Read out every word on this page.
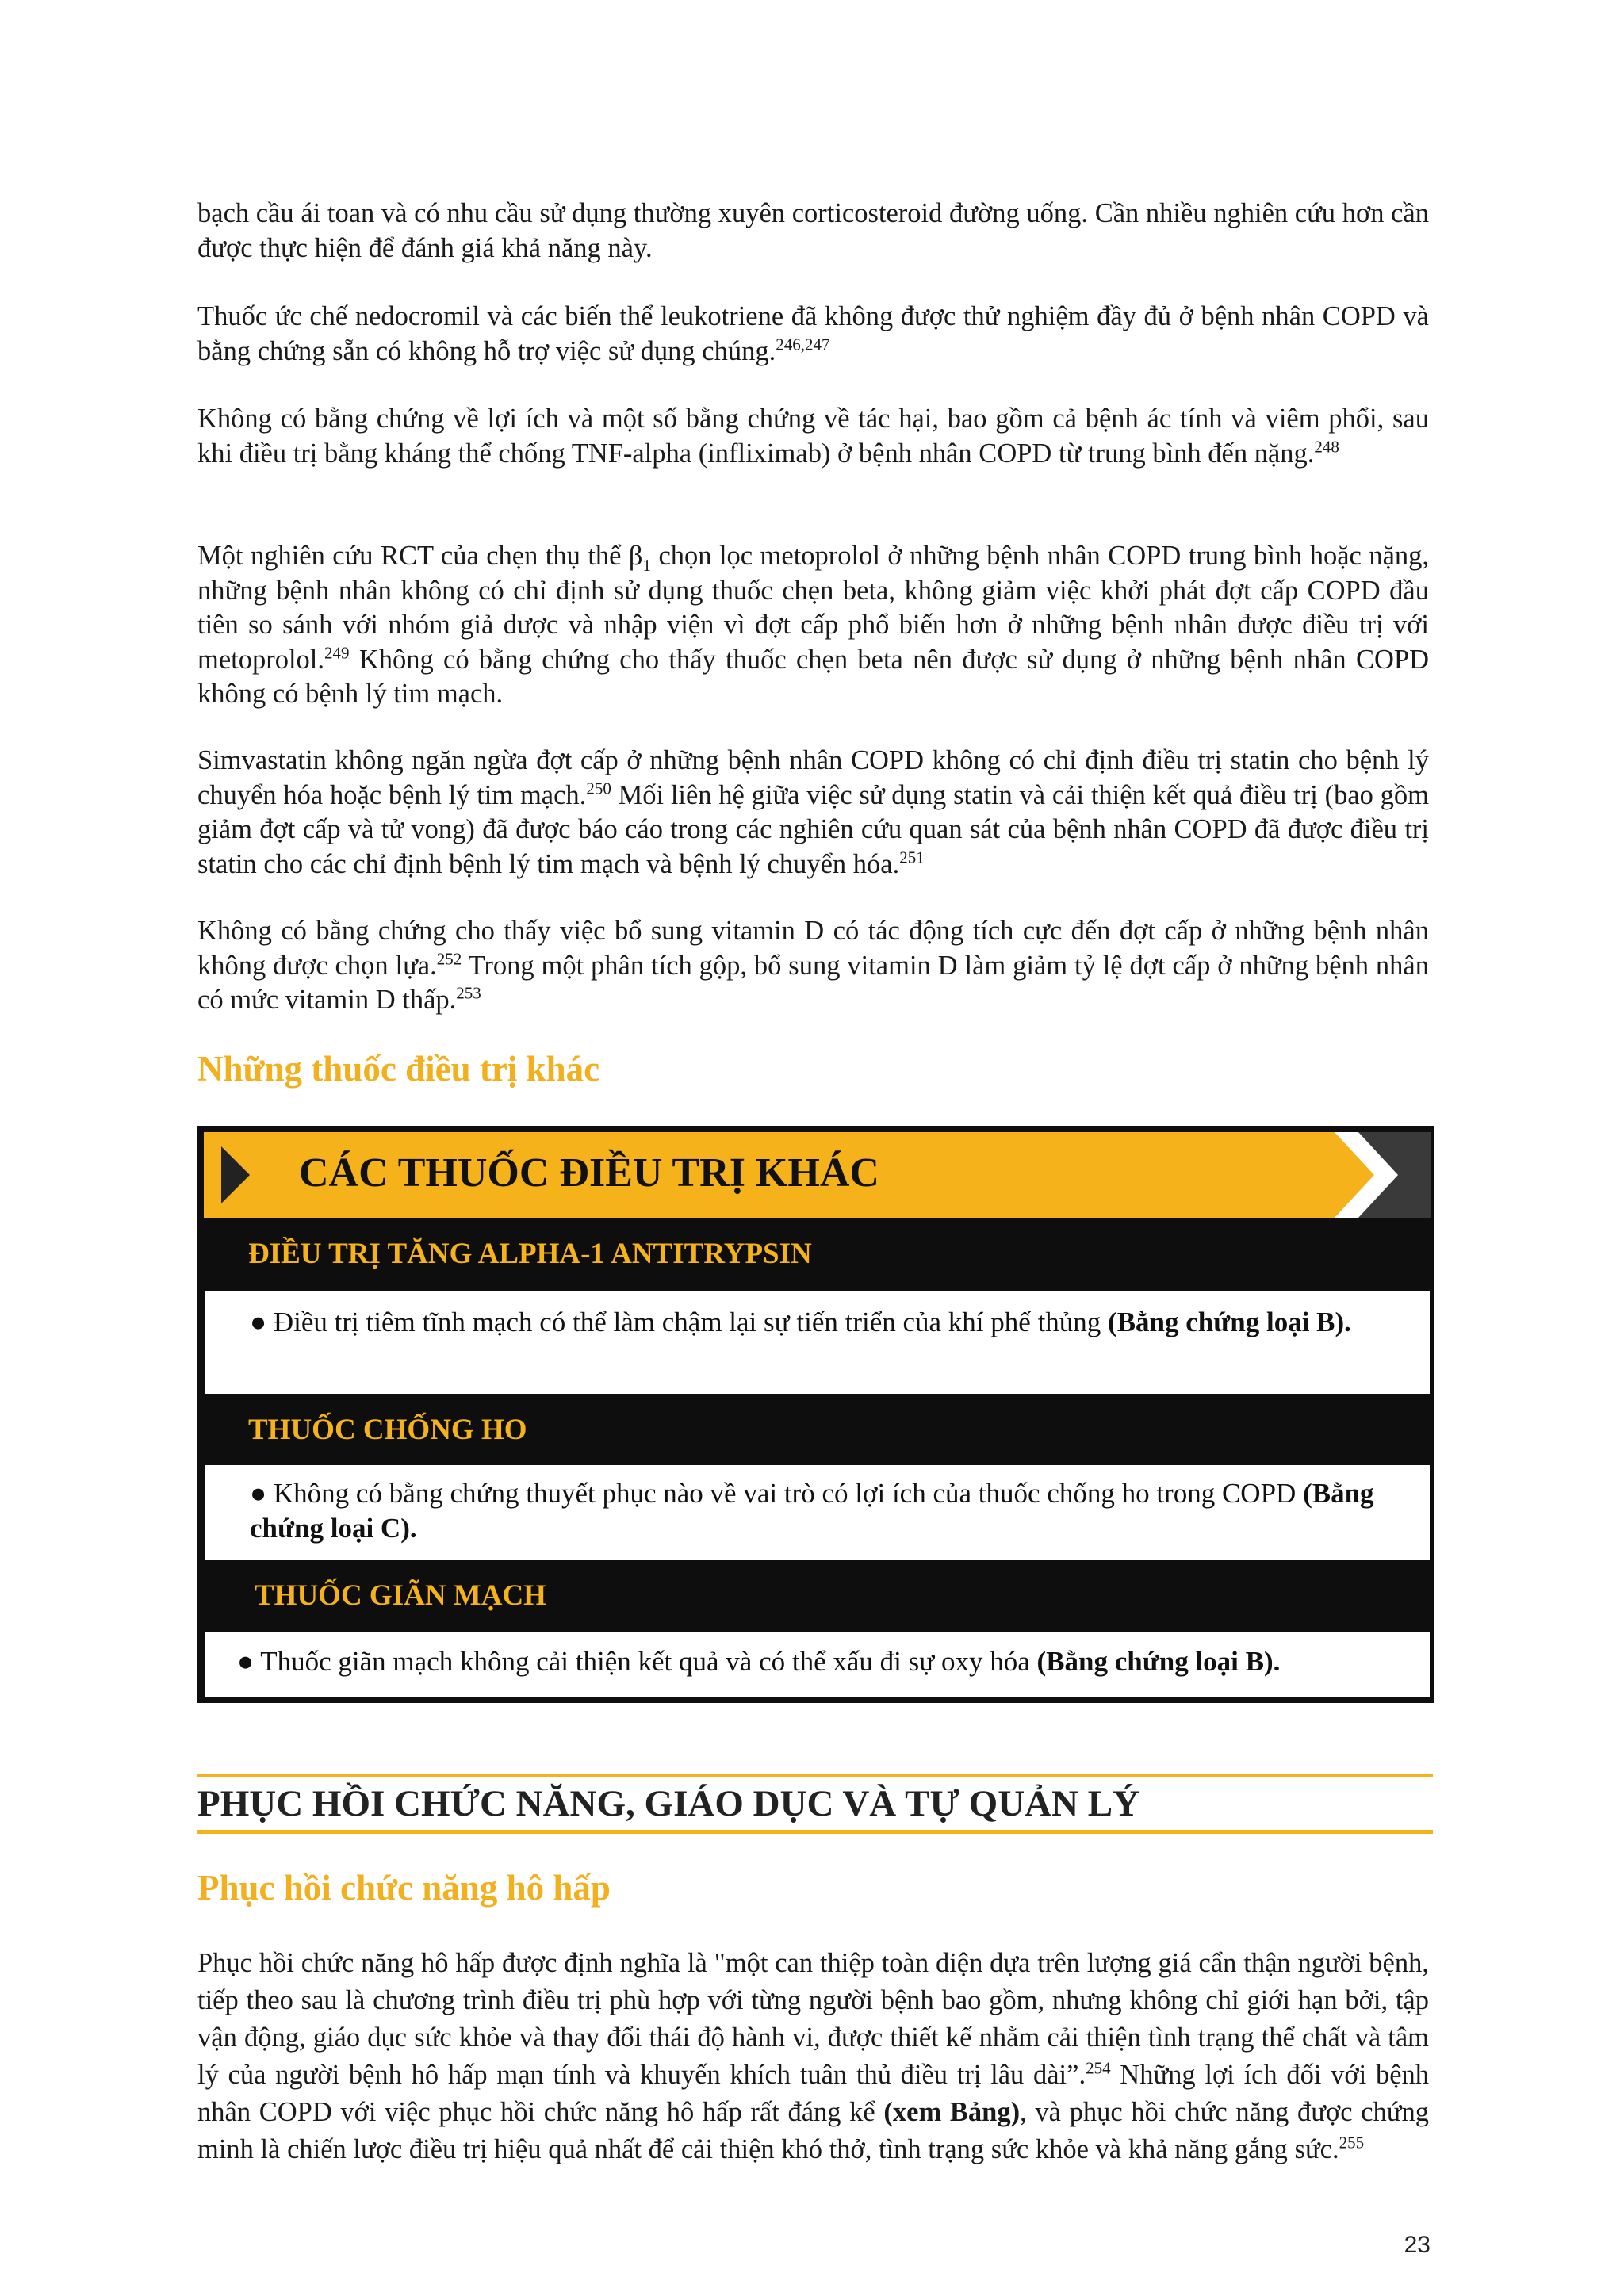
bạch cầu ái toan và có nhu cầu sử dụng thường xuyên corticosteroid đường uống. Cần nhiều nghiên cứu hơn cần được thực hiện để đánh giá khả năng này.

Thuốc ức chế nedocromil và các biến thể leukotriene đã không được thử nghiệm đầy đủ ở bệnh nhân COPD và bằng chứng sẵn có không hỗ trợ việc sử dụng chúng.$^{246,247}$

Không có bằng chứng về lợi ích và một số bằng chứng về tác hại, bao gồm cả bệnh ác tính và viêm phổi, sau khi điều trị bằng kháng thể chống TNF-alpha (infliximab) ở bệnh nhân COPD từ trung bình đến nặng.$^{248}$

Một nghiên cứu RCT của chẹn thụ thể $\beta_1$ chọn lọc metoprolol ở những bệnh nhân COPD trung bình hoặc nặng, những bệnh nhân không có chỉ định sử dụng thuốc chẹn beta, không giảm việc khởi phát đợt cấp COPD đầu tiên so sánh với nhóm giả dược và nhập viện vì đợt cấp phổ biến hơn ở những bệnh nhân được điều trị với metoprolol.$^{249}$ Không có bằng chứng cho thấy thuốc chẹn beta nên được sử dụng ở những bệnh nhân COPD không có bệnh lý tim mạch.

Simvastatin không ngăn ngừa đợt cấp ở những bệnh nhân COPD không có chỉ định điều trị statin cho bệnh lý chuyển hóa hoặc bệnh lý tim mạch.$^{250}$ Mối liên hệ giữa việc sử dụng statin và cải thiện kết quả điều trị (bao gồm giảm đợt cấp và tử vong) đã được báo cáo trong các nghiên cứu quan sát của bệnh nhân COPD đã được điều trị statin cho các chỉ định bệnh lý tim mạch và bệnh lý chuyển hóa.$^{251}$

Không có bằng chứng cho thấy việc bổ sung vitamin D có tác động tích cực đến đợt cấp ở những bệnh nhân không được chọn lựa.$^{252}$ Trong một phân tích gộp, bổ sung vitamin D làm giảm tỷ lệ đợt cấp ở những bệnh nhân có mức vitamin D thấp.$^{253}$

Những thuốc điều trị khác
CÁC THUỐC ĐIỀU TRỊ KHÁC
ĐIỀU TRỊ TĂNG ALPHA-1 ANTITRYPSIN
● Điều trị tiêm tĩnh mạch có thể làm chậm lại sự tiến triển của khí phế thủng (Bằng chứng loại B).
THUỐC CHỐNG HO
● Không có bằng chứng thuyết phục nào về vai trò có lợi ích của thuốc chống ho trong COPD (Bằng chứng loại C).
THUỐC GIÃN MẠCH
● Thuốc giãn mạch không cải thiện kết quả và có thể xấu đi sự oxy hóa (Bằng chứng loại B).
PHỤC HỒI CHỨC NĂNG, GIÁO DỤC VÀ TỰ QUẢN LÝ
Phục hồi chức năng hô hấp

Phục hồi chức năng hô hấp được định nghĩa là "một can thiệp toàn diện dựa trên lượng giá cẩn thận người bệnh, tiếp theo sau là chương trình điều trị phù hợp với từng người bệnh bao gồm, nhưng không chỉ giới hạn bởi, tập vận động, giáo dục sức khỏe và thay đổi thái độ hành vi, được thiết kế nhằm cải thiện tình trạng thể chất và tâm lý của người bệnh hô hấp mạn tính và khuyến khích tuân thủ điều trị lâu dài”.$^{254}$ Những lợi ích đối với bệnh nhân COPD với việc phục hồi chức năng hô hấp rất đáng kể (xem Bảng), và phục hồi chức năng được chứng minh là chiến lược điều trị hiệu quả nhất để cải thiện khó thở, tình trạng sức khỏe và khả năng gắng sức.$^{255}$

23
